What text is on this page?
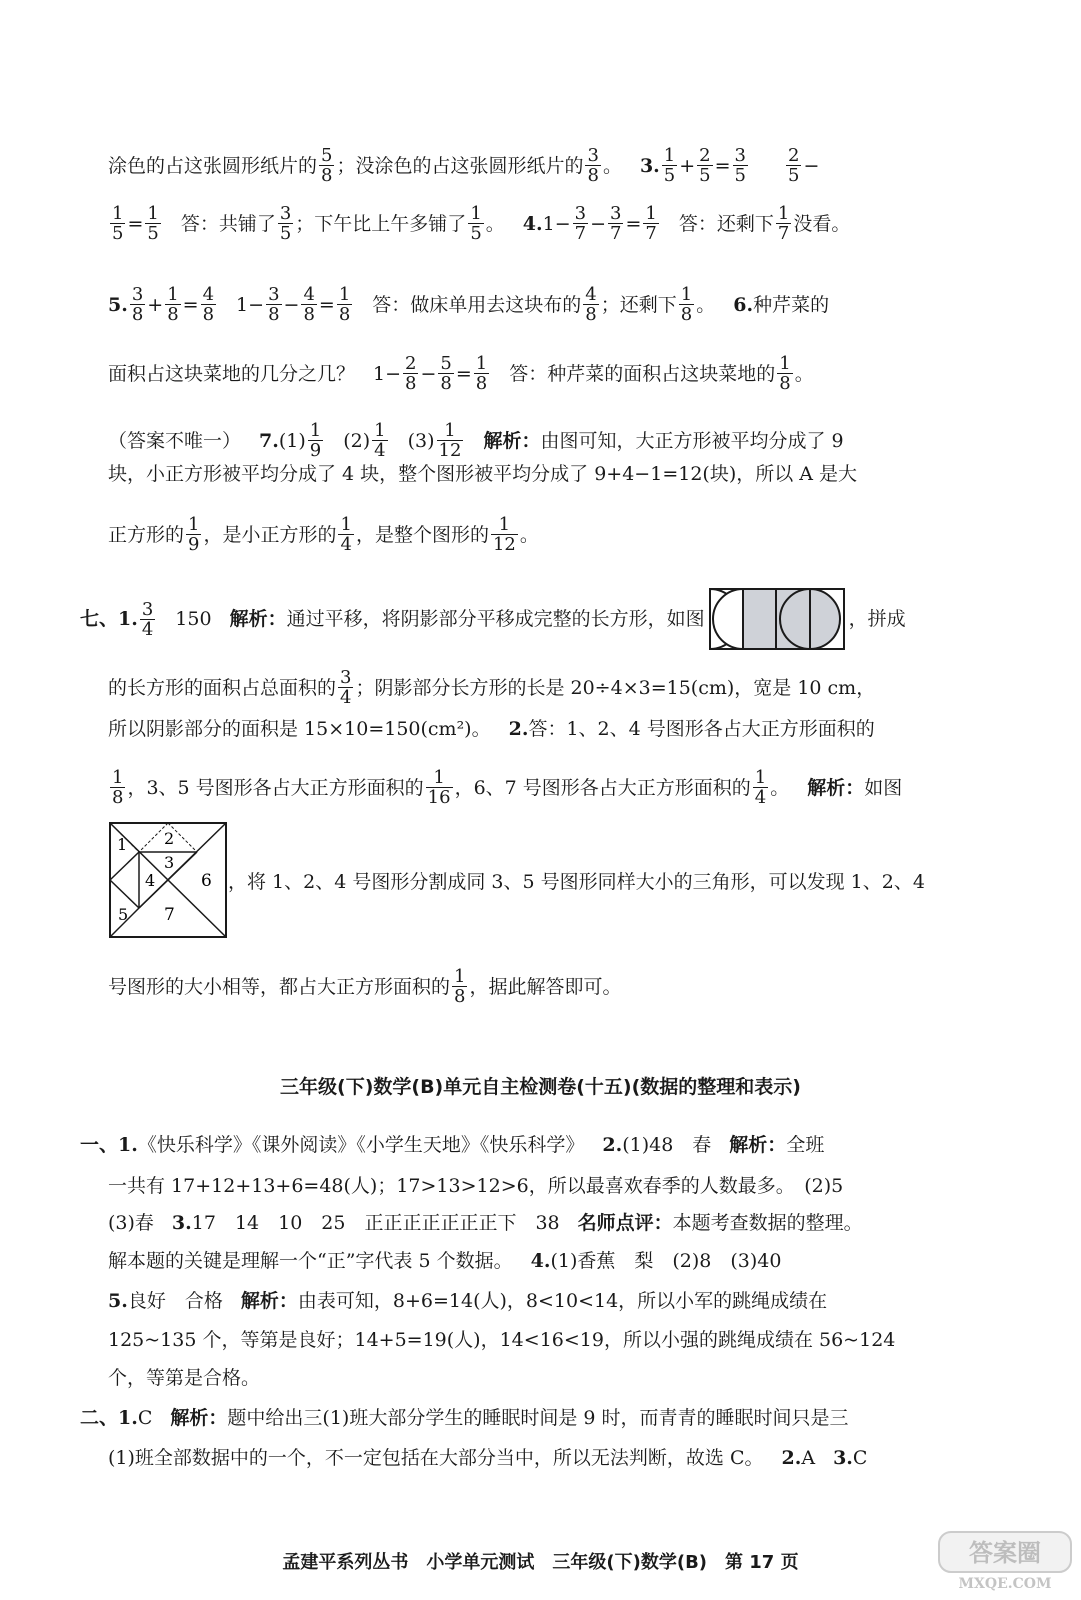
涂色的占这张圆形纸片的 $\frac{5}{8}$ ；没涂色的占这张圆形纸片的 $\frac{3}{8}$ 。 3. $\frac{1}{5} + \frac{2}{5} = \frac{3}{5} \frac{2}{5}$ −
$\frac{1}{5} = \frac{1}{5}$ 答：共铺了 $\frac{3}{5}$ ；下午比上午多铺了 $\frac{1}{5}$ 。 4. $1- \frac{3}{7} - \frac{3}{7} = \frac{1}{7}$ 答：还剩下 $\frac{1}{7}$ 没看。
5. $\frac{3}{8} + \frac{1}{8} = \frac{4}{8} 1- \frac{3}{8} - \frac{4}{8} = \frac{1}{8}$ 答：做床单用去这块布的 $\frac{4}{8}$ ；还剩下 $\frac{1}{8}$ 。 6. 种芹菜的
面积占这块菜地的几分之几？ $1- \frac{2}{8} - \frac{5}{8} = \frac{1}{8}$ 答：种芹菜的面积占这块菜地的 $\frac{1}{8}$ 。
（答案不唯一） 7. $(1) \frac{1}{9} (2) \frac{1}{4} (3) \frac{1}{12}$ 解析： 由图可知，大正方形被平均分成了 9
块，小正方形被平均分成了 4 块，整个图形被平均分成了 9+4−1=12(块)，所以 A 是大
正方形的 $\frac{1}{9}$ ，是小正方形的 $\frac{1}{4}$ ，是整个图形的 $\frac{1}{12}$ 。
七、1. $\frac{3}{4} 150$ 解析： 通过平移，将阴影部分平移成完整的长方形，如图	，拼成
的长方形的面积占总面积的 $\frac{3}{4}$ ；阴影部分长方形的长是 20÷4×3=15(cm)，宽是 10 cm，
所以阴影部分的面积是 15×10=150(cm²)。 2. 答：1、2、4 号图形各占大正方形面积的
$\frac{1}{8}$ ，3、5 号图形各占大正方形面积的 $\frac{1}{16}$ ，6、7 号图形各占大正方形面积的 $\frac{1}{4}$ 。 解析： 如图
1 2
3
4
5
6
7
，将 1、2、4 号图形分割成同 3、5 号图形同样大小的三角形，可以发现 1、2、4
号图形的大小相等，都占大正方形面积的 $\frac{1}{8}$ ，据此解答即可。
三年级(下)数学(B)单元自主检测卷(十五)(数据的整理和表示)
一、1. 《快乐科学》《课外阅读》《小学生天地》《快乐科学》 2. (1)48　春 解析： 全班
一共有 17+12+13+6=48(人)；17>13>12>6，所以最喜欢春季的人数最多。　(2)5
(3)春 3. 17　14　10　25　正正正正正正正下　38 名师点评： 本题考查数据的整理。
解本题的关键是理解一个“正”字代表 5 个数据。 4. (1)香蕉　梨　(2)8　(3)40
5. 良好　合格 解析： 由表可知，8+6=14(人)，8<10<14，所以小军的跳绳成绩在
125~135 个，等第是良好；14+5=19(人)，14<16<19，所以小强的跳绳成绩在 56~124
个，等第是合格。
二、1. C 解析： 题中给出三(1)班大部分学生的睡眠时间是 9 时，而青青的睡眠时间只是三
(1)班全部数据中的一个，不一定包括在大部分当中，所以无法判断，故选 C。 2. A 3. C
孟建平系列丛书　小学单元测试　三年级(下)数学(B)　第 17 页	答案圈
MXQE.COM
